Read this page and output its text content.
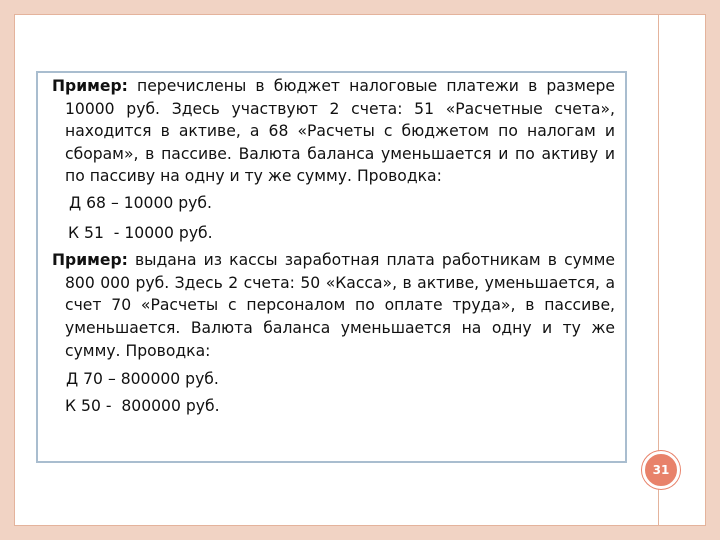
Пример: перечислены в бюджет налоговые платежи в размере 10000 руб. Здесь участвуют 2 счета: 51 «Расчетные счета», находится в активе, а 68 «Расчеты с бюджетом по налогам и сборам», в пассиве. Валюта баланса уменьшается и по активу и по пассиву на одну и ту же сумму. Проводка:

Д 68 – 10000 руб.

К 51  - 10000 руб.

Пример: выдана из кассы заработная плата работникам в сумме 800 000 руб. Здесь 2 счета: 50 «Касса», в активе, уменьшается, а счет 70 «Расчеты с персоналом по оплате труда», в пассиве, уменьшается. Валюта баланса уменьшается на одну и ту же сумму. Проводка:

Д 70 – 800000 руб.

К 50 -  800000 руб.

31
